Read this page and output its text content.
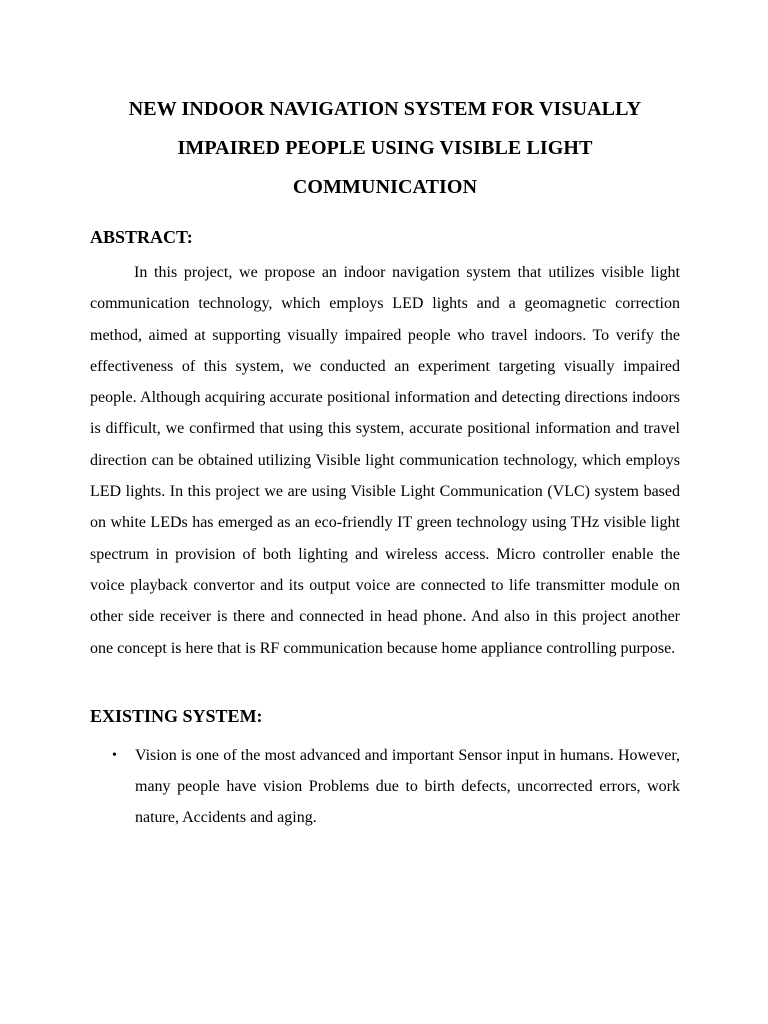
NEW INDOOR NAVIGATION SYSTEM FOR VISUALLY
IMPAIRED PEOPLE USING VISIBLE LIGHT
COMMUNICATION
ABSTRACT:

In this project, we propose an indoor navigation system that utilizes visible light communication technology, which employs LED lights and a geomagnetic correction method, aimed at supporting visually impaired people who travel indoors. To verify the effectiveness of this system, we conducted an experiment targeting visually impaired people. Although acquiring accurate positional information and detecting directions indoors is difficult, we confirmed that using this system, accurate positional information and travel direction can be obtained utilizing Visible light communication technology, which employs LED lights. In this project we are using Visible Light Communication (VLC) system based on white LEDs has emerged as an eco-friendly IT green technology using THz visible light spectrum in provision of both lighting and wireless access. Micro controller enable the voice playback convertor and its output voice are connected to life transmitter module on other side receiver is there and connected in head phone. And also in this project another one concept is here that is RF communication because home appliance controlling purpose.

EXISTING SYSTEM:
• Vision is one of the most advanced and important Sensor input in humans. However, many people have vision Problems due to birth defects, uncorrected errors, work nature, Accidents and aging.
